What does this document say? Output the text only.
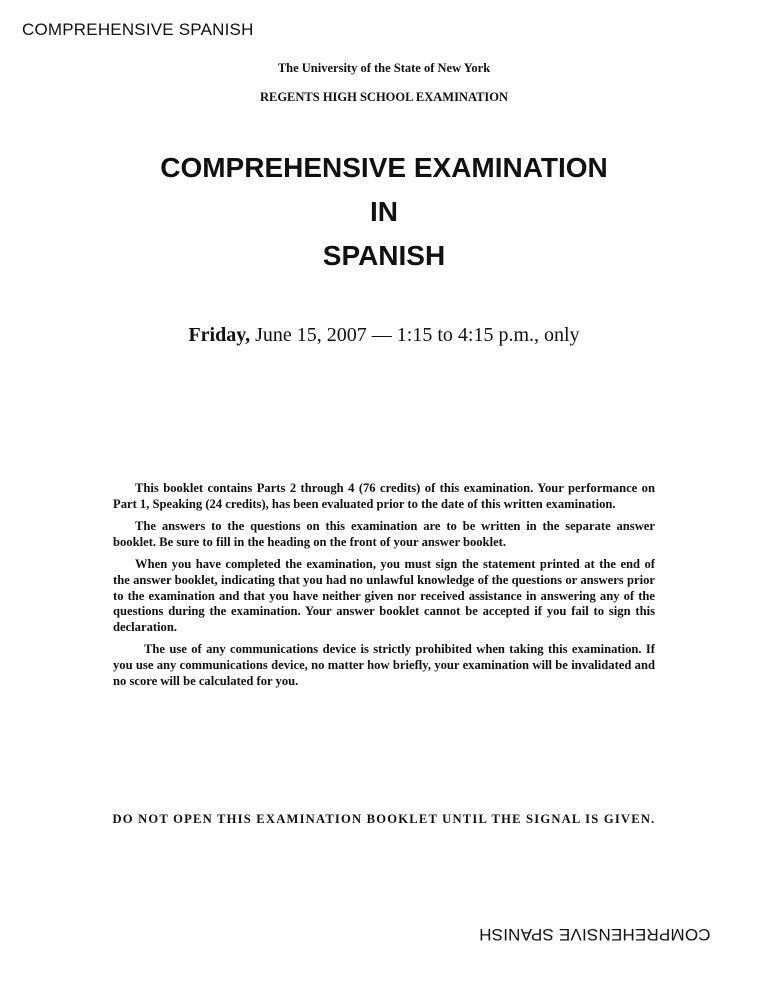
COMPREHENSIVE SPANISH
The University of the State of New York
REGENTS HIGH SCHOOL EXAMINATION
COMPREHENSIVE EXAMINATION
IN
SPANISH
Friday, June 15, 2007 — 1:15 to 4:15 p.m., only

This booklet contains Parts 2 through 4 (76 credits) of this examination. Your performance on Part 1, Speaking (24 credits), has been evaluated prior to the date of this written examination.

The answers to the questions on this examination are to be written in the separate answer booklet. Be sure to fill in the heading on the front of your answer booklet.

When you have completed the examination, you must sign the statement printed at the end of the answer booklet, indicating that you had no unlawful knowledge of the questions or answers prior to the examination and that you have neither given nor received assistance in answering any of the questions during the examination. Your answer booklet cannot be accepted if you fail to sign this declaration.

The use of any communications device is strictly prohibited when taking this examination. If you use any communications device, no matter how briefly, your examination will be invalidated and no score will be calculated for you.

DO NOT OPEN THIS EXAMINATION BOOKLET UNTIL THE SIGNAL IS GIVEN.
COMPREHENSIVE SPANISH
